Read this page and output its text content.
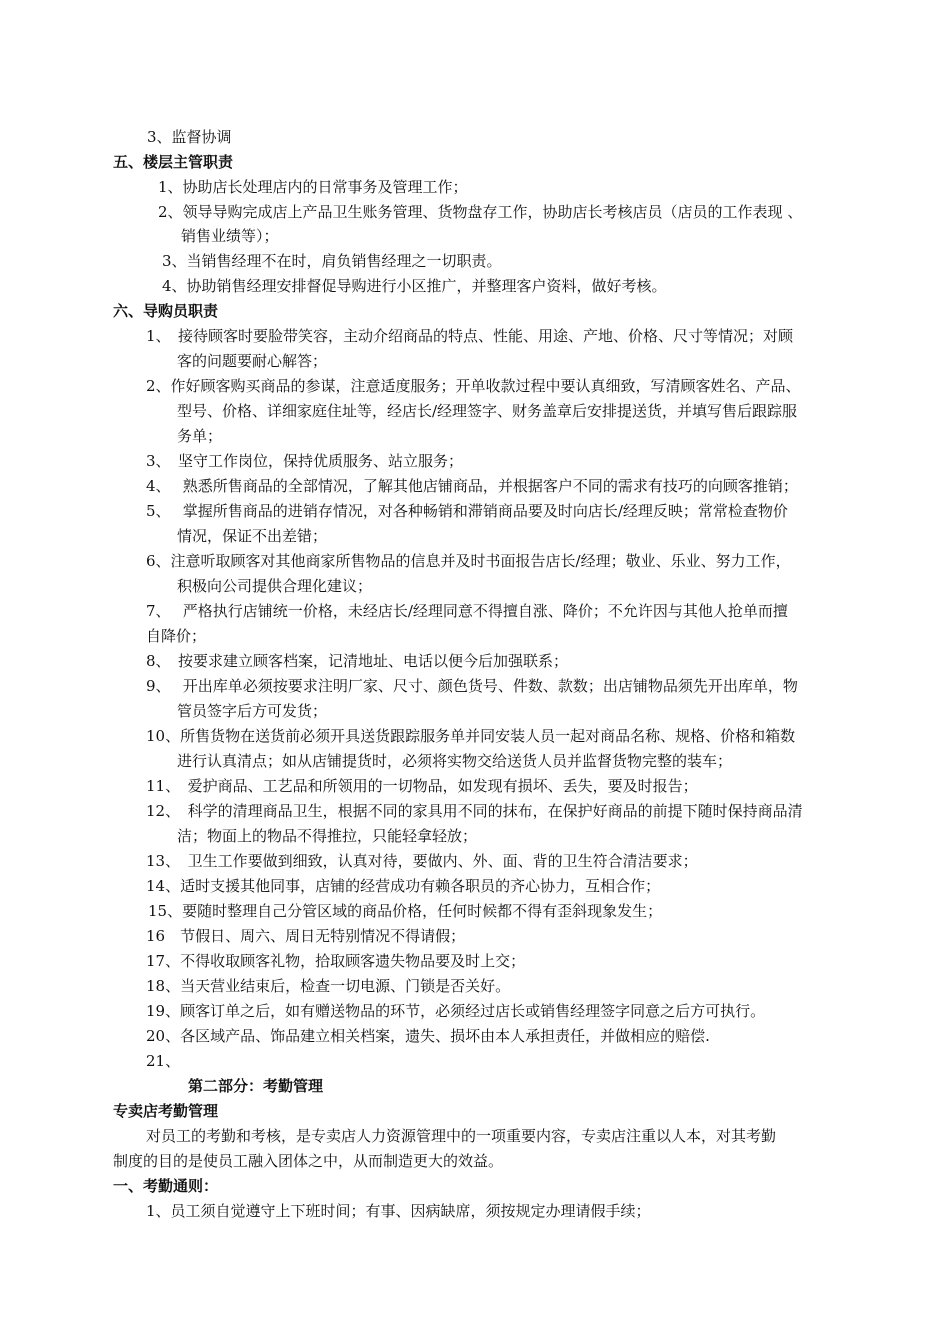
3、监督协调
五、楼层主管职责
1、协助店长处理店内的日常事务及管理工作；
2、领导导购完成店上产品卫生账务管理、货物盘存工作，协助店长考核店员（店员的工作表现 、
销售业绩等）；
3、当销售经理不在时，肩负销售经理之一切职责。
4、协助销售经理安排督促导购进行小区推广，并整理客户资料，做好考核。
六、导购员职责
1、　接待顾客时要脸带笑容，主动介绍商品的特点、性能、用途、产地、价格、尺寸等情况；对顾
客的问题要耐心解答；
2、作好顾客购买商品的参谋，注意适度服务；开单收款过程中要认真细致，写清顾客姓名、产品、
型号、价格、详细家庭住址等，经店长/经理签字、财务盖章后安排提送货，并填写售后跟踪服
务单；
3、　坚守工作岗位，保持优质服务、站立服务；
4、　 熟悉所售商品的全部情况，了解其他店铺商品，并根据客户不同的需求有技巧的向顾客推销；
5、　 掌握所售商品的进销存情况，对各种畅销和滞销商品要及时向店长/经理反映；常常检查物价
情况，保证不出差错；
6、注意听取顾客对其他商家所售物品的信息并及时书面报告店长/经理；敬业、乐业、努力工作，
积极向公司提供合理化建议；
7、　 严格执行店铺统一价格，未经店长/经理同意不得擅自涨、降价；不允许因与其他人抢单而擅
自降价；
8、　按要求建立顾客档案，记清地址、电话以便今后加强联系；
9、　 开出库单必须按要求注明厂家、尺寸、颜色货号、件数、款数；出店铺物品须先开出库单，物
管员签字后方可发货；
10、所售货物在送货前必须开具送货跟踪服务单并同安装人员一起对商品名称、规格、价格和箱数
进行认真清点；如从店铺提货时，必须将实物交给送货人员并监督货物完整的装车；
11、　爱护商品、工艺品和所领用的一切物品，如发现有损坏、丢失，要及时报告；
12、　科学的清理商品卫生，根据不同的家具用不同的抹布，在保护好商品的前提下随时保持商品清
洁；物面上的物品不得推拉，只能轻拿轻放；
13、　卫生工作要做到细致，认真对待，要做内、外、面、背的卫生符合清洁要求；
14、适时支援其他同事，店铺的经营成功有赖各职员的齐心协力，互相合作；
15、要随时整理自己分管区域的商品价格，任何时候都不得有歪斜现象发生；
16　节假日、周六、周日无特别情况不得请假；
17、不得收取顾客礼物，拾取顾客遗失物品要及时上交；
18、当天营业结束后，检查一切电源、门锁是否关好。
19、顾客订单之后，如有赠送物品的环节，必须经过店长或销售经理签字同意之后方可执行。
20、各区域产品、饰品建立相关档案，遗失、损坏由本人承担责任，并做相应的赔偿.
21、
第二部分：考勤管理
专卖店考勤管理
对员工的考勤和考核，是专卖店人力资源管理中的一项重要内容，专卖店注重以人本，对其考勤
制度的目的是使员工融入团体之中，从而制造更大的效益。
一、考勤通则：
1、员工须自觉遵守上下班时间；有事、因病缺席，须按规定办理请假手续；
